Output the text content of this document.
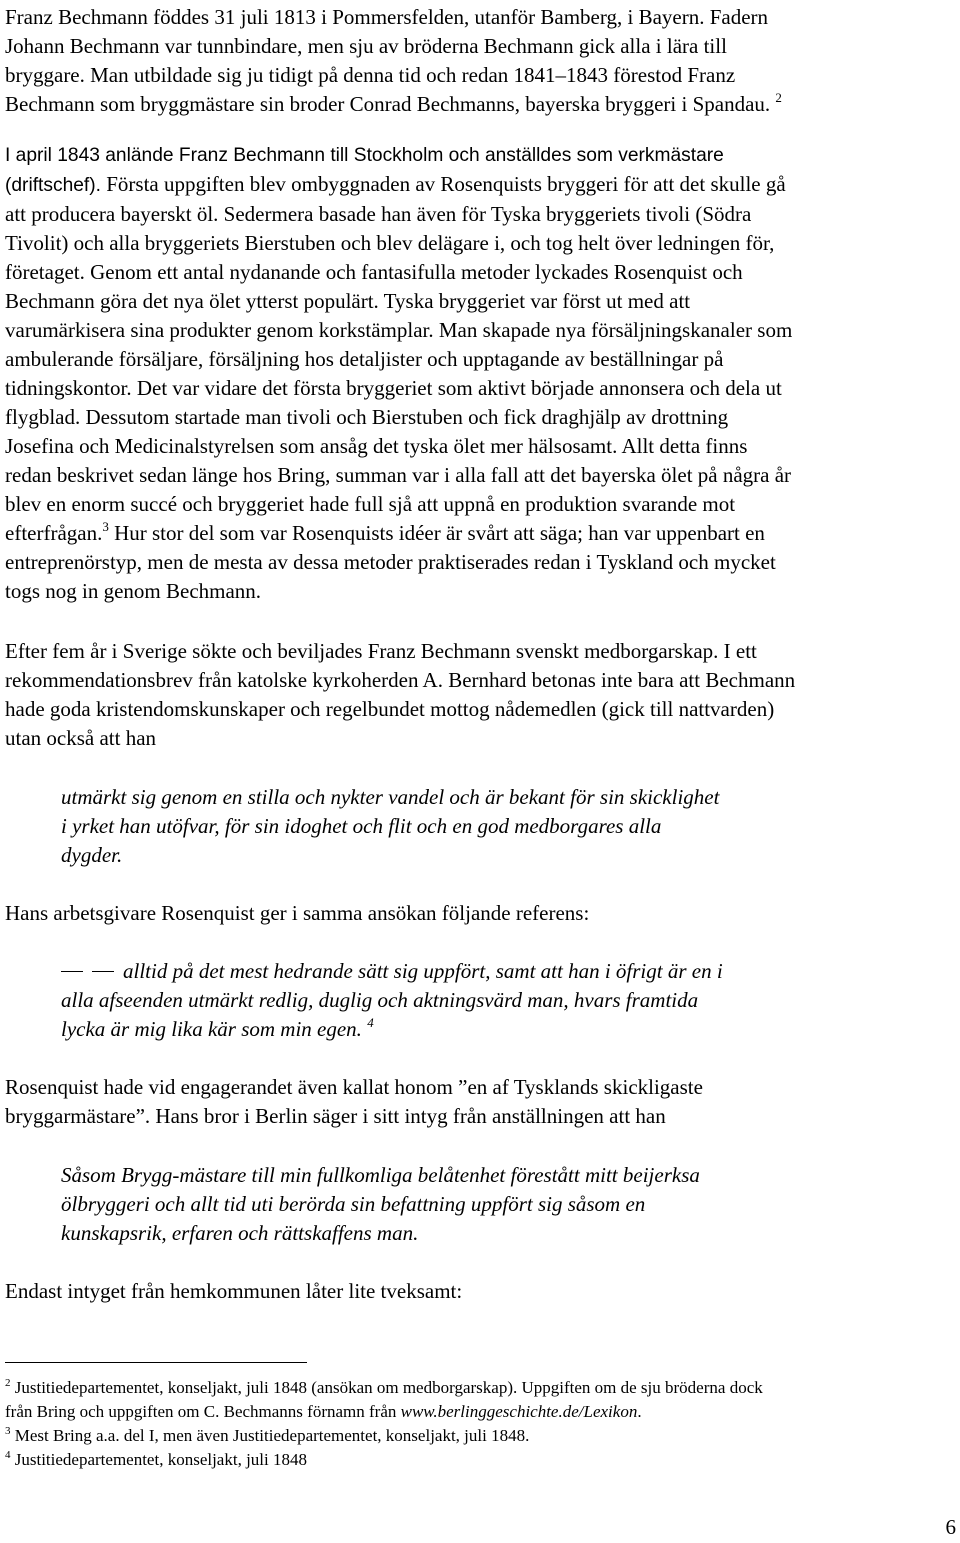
Franz Bechmann föddes 31 juli 1813 i Pommersfelden, utanför Bamberg, i Bayern. Fadern

Johann Bechmann var tunnbindare, men sju av bröderna Bechmann gick alla i lära till

bryggare. Man utbildade sig ju tidigt på denna tid och redan 1841–1843 förestod Franz

Bechmann som bryggmästare sin broder Conrad Bechmanns, bayerska bryggeri i Spandau. $^2$

I april 1843 anlände Franz Bechmann till Stockholm och anställdes som verkmästare

(driftschef). Första uppgiften blev ombyggnaden av Rosenquists bryggeri för att det skulle gå

att producera bayerskt öl. Sedermera basade han även för Tyska bryggeriets tivoli (Södra

Tivolit) och alla bryggeriets Bierstuben och blev delägare i, och tog helt över ledningen för,

företaget. Genom ett antal nydanande och fantasifulla metoder lyckades Rosenquist och

Bechmann göra det nya ölet ytterst populärt. Tyska bryggeriet var först ut med att

varumärkisera sina produkter genom korkstämplar. Man skapade nya försäljningskanaler som

ambulerande försäljare, försäljning hos detaljister och upptagande av beställningar på

tidningskontor. Det var vidare det första bryggeriet som aktivt började annonsera och dela ut

flygblad. Dessutom startade man tivoli och Bierstuben och fick draghjälp av drottning

Josefina och Medicinalstyrelsen som ansåg det tyska ölet mer hälsosamt. Allt detta finns

redan beskrivet sedan länge hos Bring, summan var i alla fall att det bayerska ölet på några år

blev en enorm succé och bryggeriet hade full sjå att uppnå en produktion svarande mot

efterfrågan.$^3$ Hur stor del som var Rosenquists idéer är svårt att säga; han var uppenbart en

entreprenörstyp, men de mesta av dessa metoder praktiserades redan i Tyskland och mycket

togs nog in genom Bechmann.

Efter fem år i Sverige sökte och beviljades Franz Bechmann svenskt medborgarskap. I ett

rekommendationsbrev från katolske kyrkoherden A. Bernhard betonas inte bara att Bechmann

hade goda kristendomskunskaper och regelbundet mottog nådemedlen (gick till nattvarden)

utan också att han

utmärkt sig genom en stilla och nykter vandel och är bekant för sin skicklighet

i yrket han utöfvar, för sin idoghet och flit och en god medborgares alla

dygder.

Hans arbetsgivare Rosenquist ger i samma ansökan följande referens:

alltid på det mest hedrande sätt sig uppfört, samt att han i öfrigt är en i

alla afseenden utmärkt redlig, duglig och aktningsvärd man, hvars framtida

lycka är mig lika kär som min egen. $^4$

Rosenquist hade vid engagerandet även kallat honom ”en af Tysklands skickligaste

bryggarmästare”. Hans bror i Berlin säger i sitt intyg från anställningen att han

Såsom Brygg-mästare till min fullkomliga belåtenhet förestått mitt beijerksa

ölbryggeri och allt tid uti berörda sin befattning uppfört sig såsom en

kunskapsrik, erfaren och rättskaffens man.

Endast intyget från hemkommunen låter lite tveksamt:

$^2$ Justitiedepartementet, konseljakt, juli 1848 (ansökan om medborgarskap). Uppgiften om de sju bröderna dock

från Bring och uppgiften om C. Bechmanns förnamn från www.berlinggeschichte.de/Lexikon.

$^3$ Mest Bring a.a. del I, men även Justitiedepartementet, konseljakt, juli 1848.

$^4$ Justitiedepartementet, konseljakt, juli 1848

6
